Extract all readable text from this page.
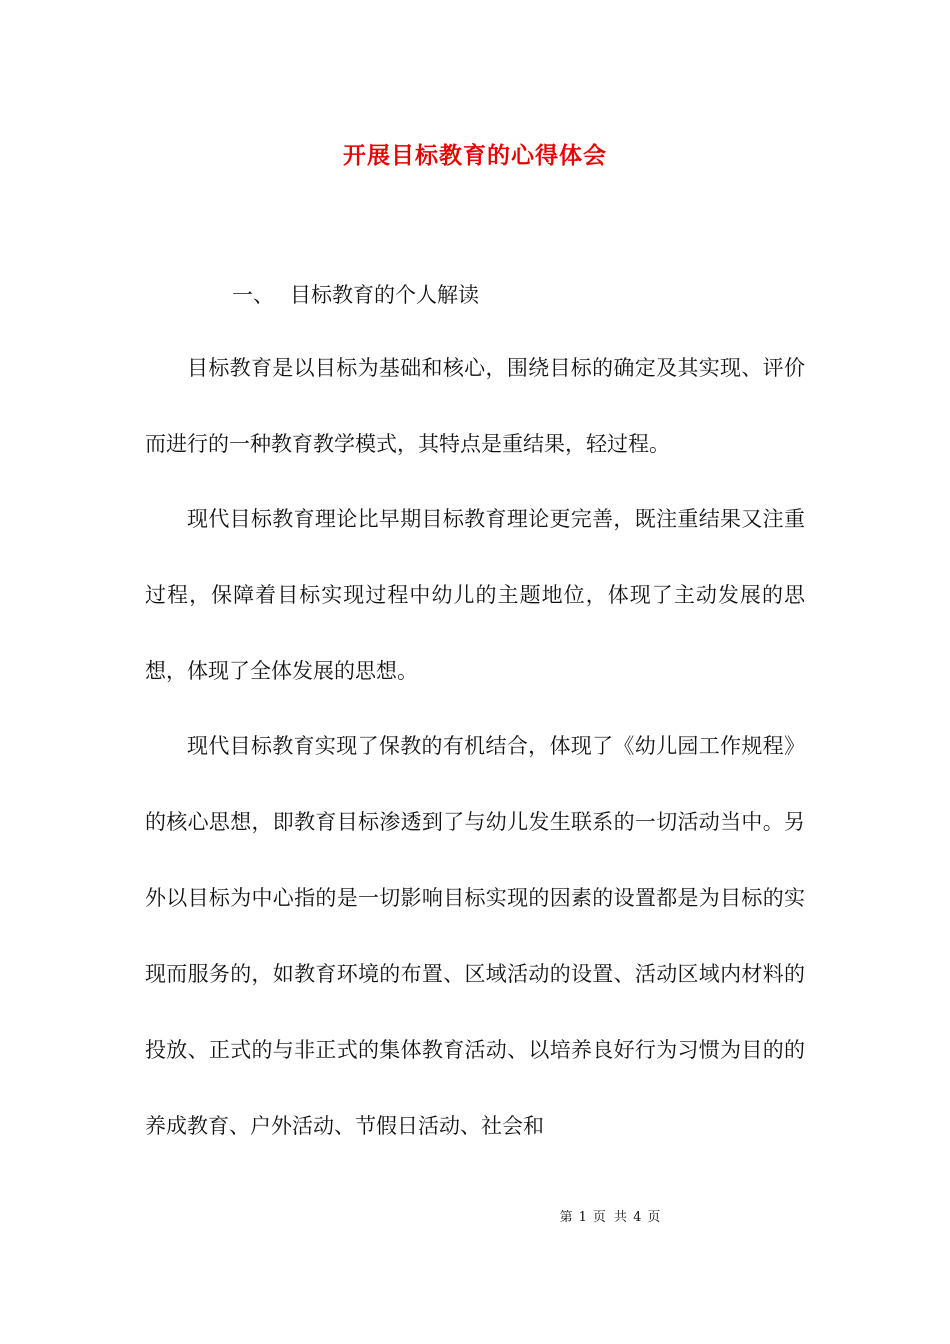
开展目标教育的心得体会
一、 目标教育的个人解读

目标教育是以目标为基础和核心，围绕目标的确定及其实现、评价而进行的一种教育教学模式，其特点是重结果，轻过程。

现代目标教育理论比早期目标教育理论更完善，既注重结果又注重过程，保障着目标实现过程中幼儿的主题地位，体现了主动发展的思想，体现了全体发展的思想。

现代目标教育实现了保教的有机结合，体现了《幼儿园工作规程》的核心思想，即教育目标渗透到了与幼儿发生联系的一切活动当中。另外以目标为中心指的是一切影响目标实现的因素的设置都是为目标的实现而服务的，如教育环境的布置、区域活动的设置、活动区域内材料的投放、正式的与非正式的集体教育活动、以培养良好行为习惯为目的的养成教育、户外活动、节假日活动、社会和

第 1 页 共 4 页
